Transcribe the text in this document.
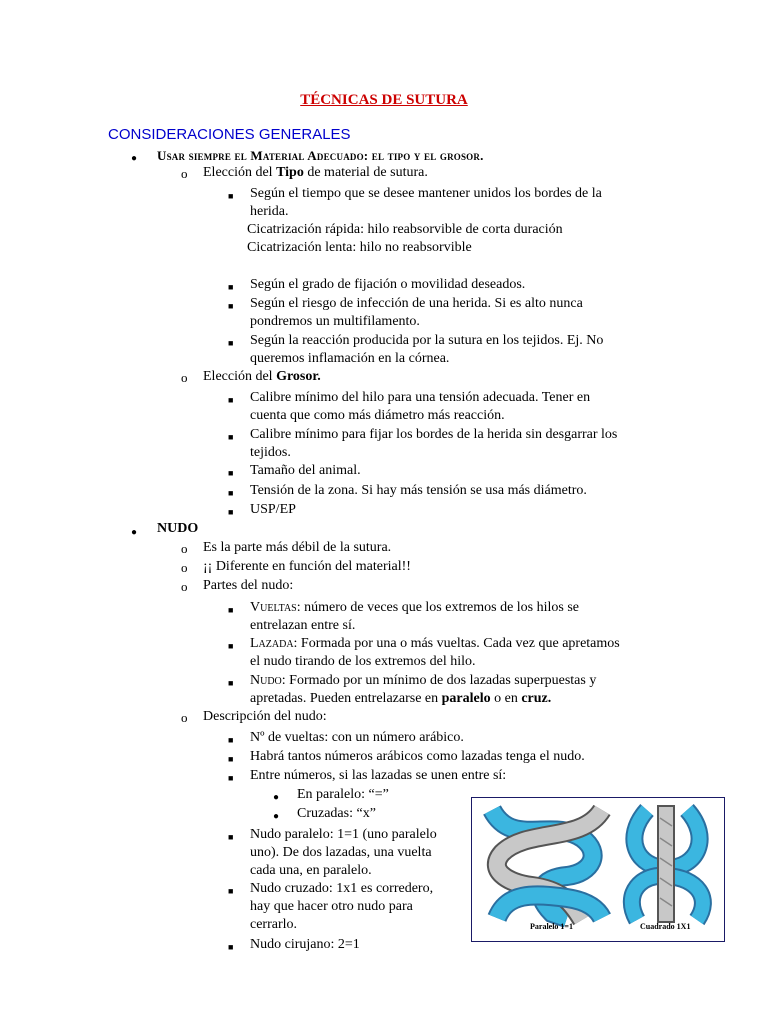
TÉCNICAS DE SUTURA
CONSIDERACIONES GENERALES
● Usar siempre el Material Adecuado: el tipo y el grosor.
o Elección del Tipo de material de sutura.
■ Según el tiempo que se desee mantener unidos los bordes de la
herida.
Cicatrización rápida: hilo reabsorvible de corta duración
Cicatrización lenta: hilo no reabsorvible
■ Según el grado de fijación o movilidad deseados.
■ Según el riesgo de infección de una herida. Si es alto nunca
pondremos un multifilamento.
■ Según la reacción producida por la sutura en los tejidos. Ej. No
queremos inflamación en la córnea.
o Elección del Grosor.
■ Calibre mínimo del hilo para una tensión adecuada. Tener en
cuenta que como más diámetro más reacción.
■ Calibre mínimo para fijar los bordes de la herida sin desgarrar los
tejidos.
■ Tamaño del animal.
■ Tensión de la zona. Si hay más tensión se usa más diámetro.
■ USP/EP
● NUDO
o Es la parte más débil de la sutura.
o ¡¡ Diferente en función del material!!
o Partes del nudo:
■ Vueltas: número de veces que los extremos de los hilos se
entrelazan entre sí.
■ Lazada: Formada por una o más vueltas. Cada vez que apretamos
el nudo tirando de los extremos del hilo.
■ Nudo: Formado por un mínimo de dos lazadas superpuestas y
apretadas. Pueden entrelazarse en paralelo o en cruz.
o Descripción del nudo:
■ Nº de vueltas: con un número arábico.
■ Habrá tantos números arábicos como lazadas tenga el nudo.
■ Entre números, si las lazadas se unen entre sí:
● En paralelo: “=”
● Cruzadas: “x”
■ Nudo paralelo: 1=1 (uno paralelo
uno). De dos lazadas, una vuelta
cada una, en paralelo.
■ Nudo cruzado: 1x1 es corredero,
hay que hacer otro nudo para
cerrarlo.
■ Nudo cirujano: 2=1
Paralelo 1=1	Cuadrado 1X1
